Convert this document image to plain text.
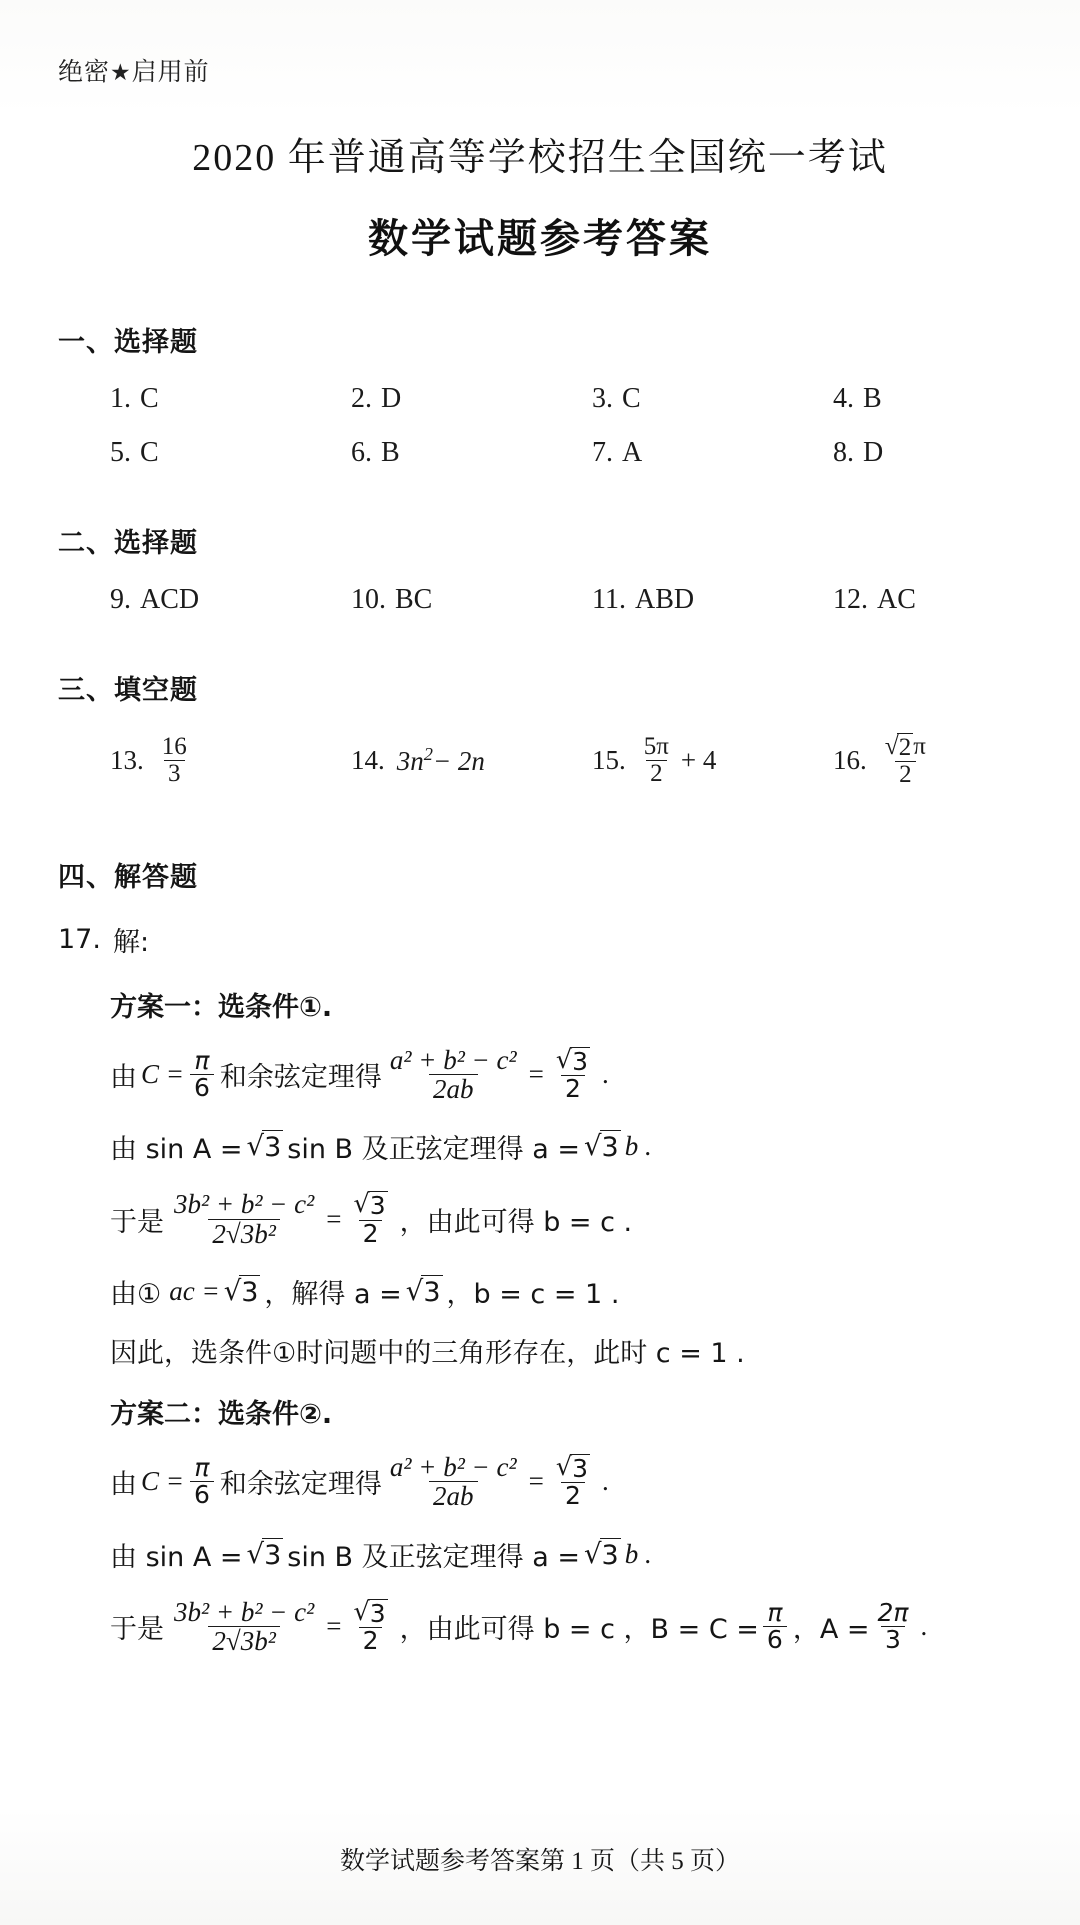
绝密★启用前
2020 年普通高等学校招生全国统一考试
数学试题参考答案
一、选择题
1. C	2. D	3. C	4. B
5. C	6. B	7. A	8. D
二、选择题
9. ACD	10. BC	11. ABD	12. AC
三、填空题
13. $\frac{16}{3}$	14. $3n^2- 2n$	15. $\frac{5\pi}{2} + 4$	16. $\frac{√ 2 \pi}{2}$
四、解答题
17. 解:
方案一：选条件①.
由 $C = \frac{\pi}{6}$ 和余弦定理得 $\frac{\text{a² + b² − c²}}{2ab} = \frac{√ 3}{2}$ .
由 sin A = √ 3 sin B 及正弦定理得 a = √ 3 b .
于是 $\frac{\text{3b² + b² − c²}}{\text{2√3b²}} = \frac{√ 3}{2}$ ，由此可得 b = c .
由① ac = √ 3 ，解得 a = √ 3 ，b = c = 1 .
因此，选条件①时问题中的三角形存在，此时 c = 1 .
方案二：选条件②.
由 $C = \frac{\pi}{6}$ 和余弦定理得 $\frac{\text{a² + b² − c²}}{2ab} = \frac{√ 3}{2}$ .
由 sin A = √ 3 sin B 及正弦定理得 a = √ 3 b .
于是 $\frac{\text{3b² + b² − c²}}{\text{2√3b²}} = \frac{√ 3}{2}$ ，由此可得 b = c ，$B = C = \frac{\pi}{6}$ ，$A = \frac{2\pi}{3}$ .
数学试题参考答案第 1 页（共 5 页）
